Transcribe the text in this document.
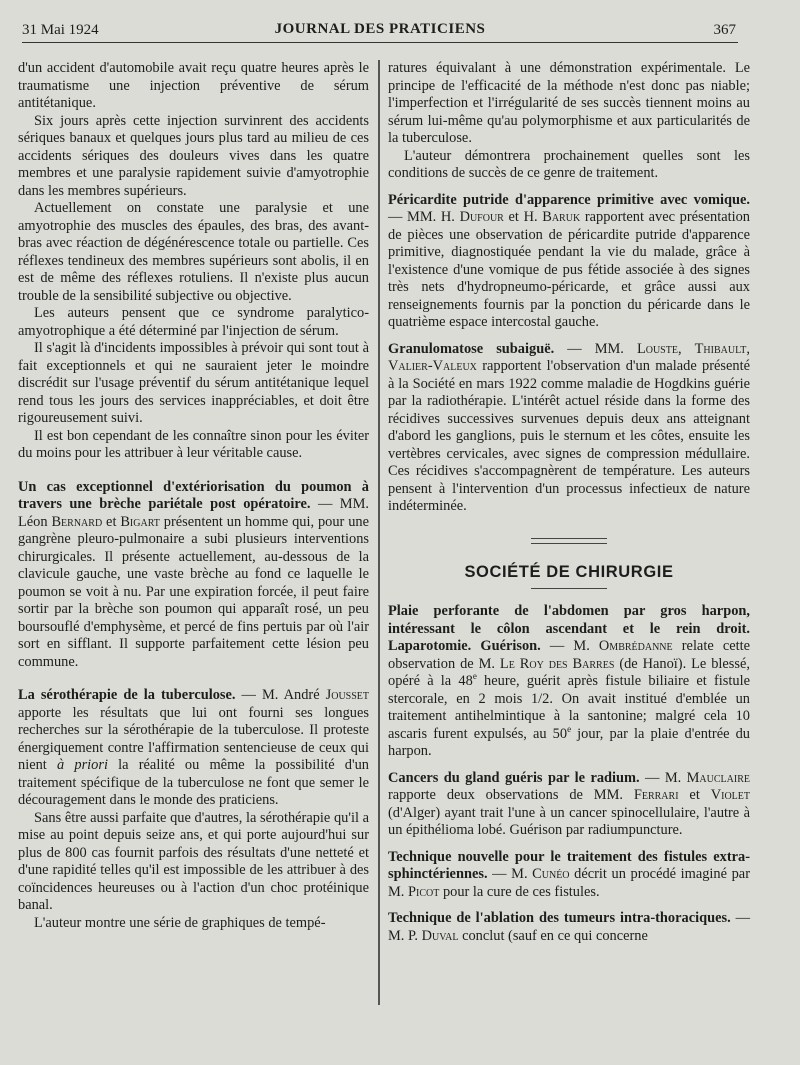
31 Mai 1924	JOURNAL DES PRATICIENS	367

d'un accident d'automobile avait reçu quatre heures après le traumatisme une injection préventive de sérum antitétanique.

Six jours après cette injection survinrent des accidents sériques banaux et quelques jours plus tard au milieu de ces accidents sériques des douleurs vives dans les quatre membres et une paralysie rapidement suivie d'amyotrophie dans les membres supérieurs.

Actuellement on constate une paralysie et une amyotrophie des muscles des épaules, des bras, des avant-bras avec réaction de dégénérescence totale ou partielle. Ces réflexes tendineux des membres supérieurs sont abolis, il en est de même des réflexes rotuliens. Il n'existe plus aucun trouble de la sensibilité subjective ou objective.

Les auteurs pensent que ce syndrome paralytico-amyotrophique a été déterminé par l'injection de sérum.

Il s'agit là d'incidents impossibles à prévoir qui sont tout à fait exceptionnels et qui ne sauraient jeter le moindre discrédit sur l'usage préventif du sérum antitétanique lequel rend tous les jours des services inappréciables, et doit être rigoureusement suivi.

Il est bon cependant de les connaître sinon pour les éviter du moins pour les attribuer à leur véritable cause.

Un cas exceptionnel d'extériorisation du poumon à travers une brèche pariétale post opératoire. — MM. Léon Bernard et Bigart présentent un homme qui, pour une gangrène pleuro-pulmonaire a subi plusieurs interventions chirurgicales. Il présente actuellement, au-dessous de la clavicule gauche, une vaste brèche au fond ce laquelle le poumon se voit à nu. Par une expiration forcée, il peut faire sortir par la brèche son poumon qui apparaît rosé, un peu boursouflé d'emphysème, et percé de fins pertuis par où l'air sort en sifflant. Il supporte parfaitement cette lésion peu commune.

La sérothérapie de la tuberculose. — M. André Jousset apporte les résultats que lui ont fourni ses longues recherches sur la sérothérapie de la tuberculose. Il proteste énergiquement contre l'affirmation sentencieuse de ceux qui nient à priori la réalité ou même la possibilité d'un traitement spécifique de la tuberculose ne font que semer le découragement dans le monde des praticiens.

Sans être aussi parfaite que d'autres, la sérothérapie qu'il a mise au point depuis seize ans, et qui porte aujourd'hui sur plus de 800 cas fournit parfois des résultats d'une netteté et d'une rapidité telles qu'il est impossible de les attribuer à des coïncidences heureuses ou à l'action d'un choc protéinique banal.

L'auteur montre une série de graphiques de tempé-

ratures équivalant à une démonstration expérimentale. Le principe de l'efficacité de la méthode n'est donc pas niable; l'imperfection et l'irrégularité de ses succès tiennent moins au sérum lui-même qu'au polymorphisme et aux particularités de la tuberculose.

L'auteur démontrera prochainement quelles sont les conditions de succès de ce genre de traitement.

Péricardite putride d'apparence primitive avec vomique. — MM. H. Dufour et H. Baruk rapportent avec présentation de pièces une observation de péricardite putride d'apparence primitive, diagnostiquée pendant la vie du malade, grâce à l'existence d'une vomique de pus fétide associée à des signes très nets d'hydropneumo-péricarde, et grâce aussi aux renseignements fournis par la ponction du péricarde dans le quatrième espace intercostal gauche.

Granulomatose subaiguë. — MM. Louste, Thibault, Valier-Valeux rapportent l'observation d'un malade présenté à la Société en mars 1922 comme maladie de Hogdkins guérie par la radiothérapie. L'intérêt actuel réside dans la forme des récidives successives survenues depuis deux ans atteignant d'abord les ganglions, puis le sternum et les côtes, ensuite les vertèbres cervicales, avec signes de compression médullaire. Ces récidives s'accompagnèrent de température. Les auteurs pensent à l'intervention d'un processus infectieux de nature indéterminée.

SOCIÉTÉ DE CHIRURGIE

Plaie perforante de l'abdomen par gros harpon, intéressant le côlon ascendant et le rein droit. Laparotomie. Guérison. — M. Ombrédanne relate cette observation de M. Le Roy des Barres (de Hanoï). Le blessé, opéré à la 48e heure, guérit après fistule biliaire et fistule stercorale, en 2 mois 1/2. On avait institué d'emblée un traitement antihelmintique à la santonine; malgré cela 10 ascaris furent expulsés, au 50e jour, par la plaie d'entrée du harpon.

Cancers du gland guéris par le radium. — M. Mauclaire rapporte deux observations de MM. Ferrari et Violet (d'Alger) ayant trait l'une à un cancer spinocellulaire, l'autre à un épithélioma lobé. Guérison par radiumpuncture.

Technique nouvelle pour le traitement des fistules extra-sphinctériennes. — M. Cunéo décrit un procédé imaginé par M. Picot pour la cure de ces fistules.

Technique de l'ablation des tumeurs intra-thoraciques. — M. P. Duval conclut (sauf en ce qui concerne
